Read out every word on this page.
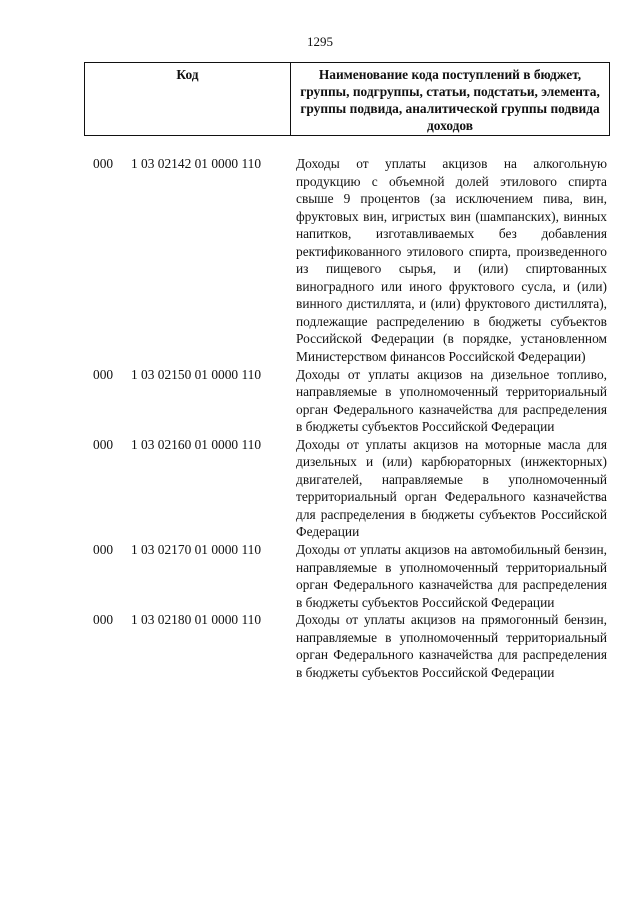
1295
Код	Наименование кода поступлений в бюджет, группы, подгруппы, статьи, подстатьи, элемента, группы подвида, аналитической группы подвида доходов
000	1 03 02142 01 0000 110	Доходы от уплаты акцизов на алкогольную продукцию с объемной долей этилового спирта свыше 9 процентов (за исключением пива, вин, фруктовых вин, игристых вин (шампанских), винных напитков, изготавливаемых без добавления ректификованного этилового спирта, произведенного из пищевого сырья, и (или) спиртованных виноградного или иного фруктового сусла, и (или) винного дистиллята, и (или) фруктового дистиллята), подлежащие распределению в бюджеты субъектов Российской Федерации (в порядке, установленном Министерством финансов Российской Федерации)
000	1 03 02150 01 0000 110	Доходы от уплаты акцизов на дизельное топливо, направляемые в уполномоченный территориальный орган Федерального казначейства для распределения в бюджеты субъектов Российской Федерации
000	1 03 02160 01 0000 110	Доходы от уплаты акцизов на моторные масла для дизельных и (или) карбюраторных (инжекторных) двигателей, направляемые в уполномоченный территориальный орган Федерального казначейства для распределения в бюджеты субъектов Российской Федерации
000	1 03 02170 01 0000 110	Доходы от уплаты акцизов на автомобильный бензин, направляемые в уполномоченный территориальный орган Федерального казначейства для распределения в бюджеты субъектов Российской Федерации
000	1 03 02180 01 0000 110	Доходы от уплаты акцизов на прямогонный бензин, направляемые в уполномоченный территориальный орган Федерального казначейства для распределения в бюджеты субъектов Российской Федерации
